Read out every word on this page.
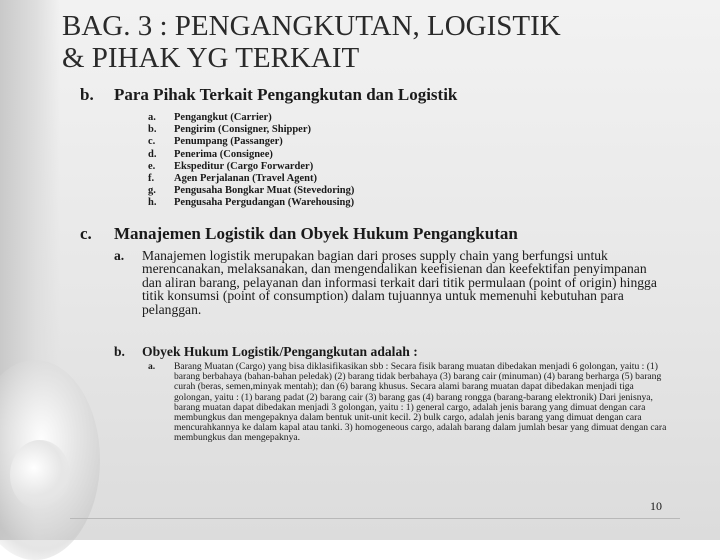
BAG. 3 : PENGANGKUTAN, LOGISTIK
& PIHAK YG TERKAIT
b. Para Pihak Terkait Pengangkutan dan Logistik
a.	Pengangkut (Carrier)
b.	Pengirim (Consigner, Shipper)
c.	Penumpang (Passanger)
d.	Penerima (Consignee)
e.	Ekspeditur (Cargo Forwarder)
f.	Agen Perjalanan (Travel Agent)
g.	Pengusaha Bongkar Muat (Stevedoring)
h.	Pengusaha Pergudangan (Warehousing)
c. Manajemen Logistik dan Obyek Hukum Pengangkutan
a.	Manajemen logistik merupakan bagian dari proses supply chain yang berfungsi untuk merencanakan, melaksanakan, dan mengendalikan keefisienan dan keefektifan penyimpanan dan aliran barang, pelayanan dan informasi terkait dari titik permulaan (point of origin) hingga titik konsumsi (point of consumption) dalam tujuannya untuk memenuhi kebutuhan para pelanggan.
b. Obyek Hukum Logistik/Pengangkutan adalah :
a.	Barang Muatan (Cargo) yang bisa diklasifikasikan sbb : Secara fisik barang muatan dibedakan menjadi 6 golongan, yaitu : (1) barang berbahaya (bahan-bahan peledak) (2) barang tidak berbahaya (3) barang cair (minuman) (4) barang berharga (5) barang curah (beras, semen,minyak mentah); dan (6) barang khusus. Secara alami barang muatan dapat dibedakan menjadi tiga golongan, yaitu : (1) barang padat (2) barang cair (3) barang gas (4) barang rongga (barang-barang elektronik) Dari jenisnya, barang muatan dapat dibedakan menjadi 3 golongan, yaitu : 1) general cargo, adalah jenis barang yang dimuat dengan cara membungkus dan mengepaknya dalam bentuk unit-unit kecil. 2) bulk cargo, adalah jenis barang yang dimuat dengan cara mencurahkannya ke dalam kapal atau tanki. 3) homogeneous cargo, adalah barang dalam jumlah besar yang dimuat dengan cara membungkus dan mengepaknya.
10
